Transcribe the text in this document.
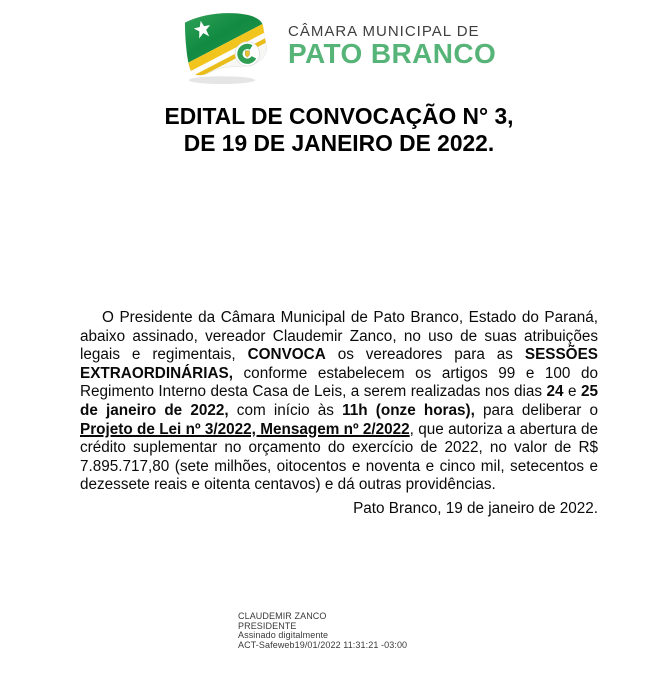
CÂMARA MUNICIPAL DE
PATO BRANCO
EDITAL DE CONVOCAÇÃO N° 3,
DE 19 DE JANEIRO DE 2022.

O Presidente da Câmara Municipal de Pato Branco, Estado do Paraná, abaixo assinado, vereador Claudemir Zanco, no uso de suas atribuições legais e regimentais, CONVOCA os vereadores para as SESSÕES EXTRAORDINÁRIAS, conforme estabelecem os artigos 99 e 100 do Regimento Interno desta Casa de Leis, a serem realizadas nos dias 24 e 25 de janeiro de 2022, com início às 11h (onze horas), para deliberar o Projeto de Lei nº 3/2022, Mensagem nº 2/2022, que autoriza a abertura de crédito suplementar no orçamento do exercício de 2022, no valor de R$ 7.895.717,80 (sete milhões, oitocentos e noventa e cinco mil, setecentos e dezessete reais e oitenta centavos) e dá outras providências.

Pato Branco, 19 de janeiro de 2022.
CLAUDEMIR ZANCO
PRESIDENTE
Assinado digitalmente
ACT-Safeweb19/01/2022 11:31:21 -03:00
